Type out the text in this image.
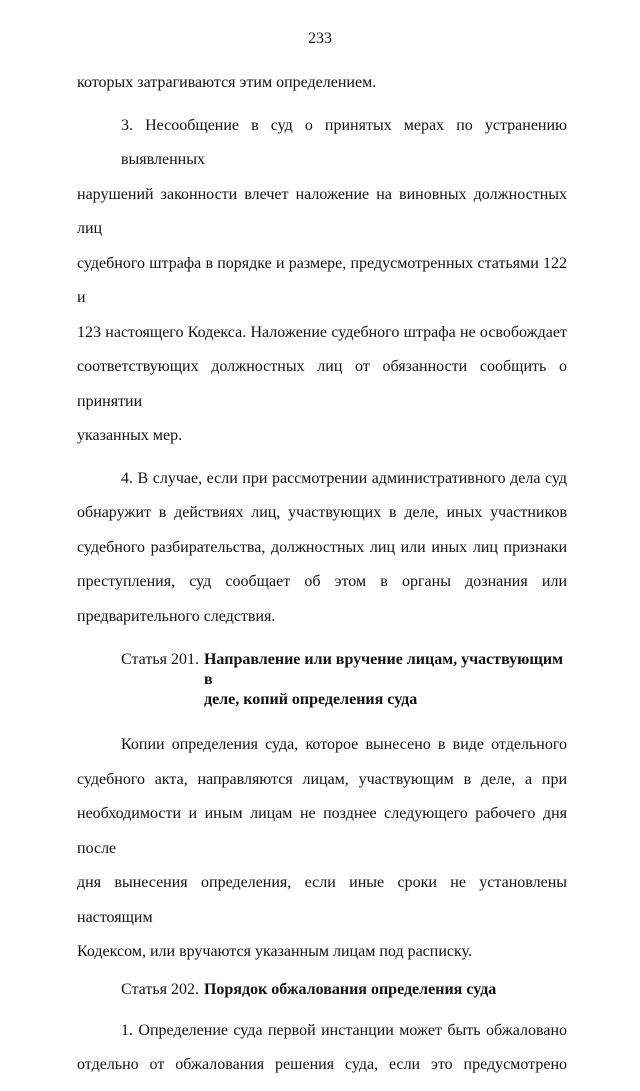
233

которых затрагиваются этим определением.

3. Несообщение в суд о принятых мерах по устранению выявленных
нарушений законности влечет наложение на виновных должностных лиц
судебного штрафа в порядке и размере, предусмотренных статьями 122 и
123 настоящего Кодекса. Наложение судебного штрафа не освобождает
соответствующих должностных лиц от обязанности сообщить о принятии
указанных мер.

4. В случае, если при рассмотрении административного дела суд
обнаружит в действиях лиц, участвующих в деле, иных участников
судебного разбирательства, должностных лиц или иных лиц признаки
преступления, суд сообщает об этом в органы дознания или
предварительного следствия.

Статья 201. Направление или вручение лицам, участвующим в
деле, копий определения суда

Копии определения суда, которое вынесено в виде отдельного
судебного акта, направляются лицам, участвующим в деле, а при
необходимости и иным лицам не позднее следующего рабочего дня после
дня вынесения определения, если иные сроки не установлены настоящим
Кодексом, или вручаются указанным лицам под расписку.

Статья 202. Порядок обжалования определения суда

1. Определение суда первой инстанции может быть обжаловано
отдельно от обжалования решения суда, если это предусмотрено
